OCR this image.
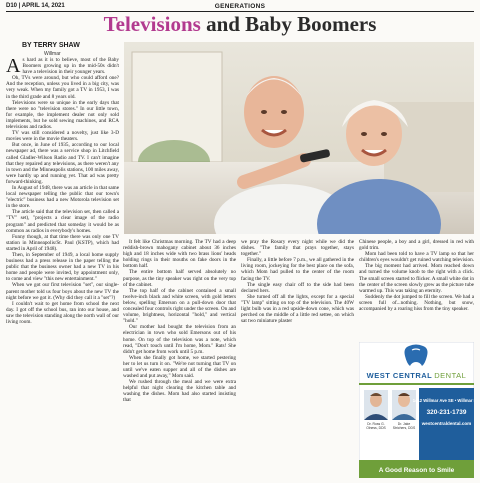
D10 | APRIL 14, 2021	GENERATIONS
Televisions and Baby Boomers
BY TERRY SHAW
Willmar

As hard as it is to believe, most of the Baby Boomers growing up in the mid-50s didn't have a television in their younger years.

Oh, TVs were around, but who could afford one? And the reception, unless you lived in a big city, was very weak. When my family got a TV in 1953, I was in the third grade and 8 years old.

Televisions were so unique in the early days that there were no "television stores." In our little town, for example, the implement dealer not only sold implements, but he sold sewing machines, and RCA televisions and radios.

TV was still considered a novelty, just like 3-D movies were in the movie theaters.

But once, in June of 1935, according to our local newspaper ad, there was a service shop in Litchfield called Gladler-Wilson Radio and TV. I can't imagine that they repaired any televisions, as there weren't any in town and the Minneapolis stations, 100 miles away, were hardly up and running yet. That ad was pretty forward-thinking.

In August of 1948, there was an article in that same local newspaper telling the public that our town's "electric" business had a new Motorola television set in the store.

The article said that the television set, then called a "TV" set), "projects a clear image of the radio program" and predicted that someday it would be as common as radios in everybody's homes.

Funny though, at that time there was only one TV station in Minneapolis/St. Paul (KSTP), which had started in April of 1948).

Then, in September of 1949, a local home supply business had a press release in the paper telling the public that the business owner had a new TV in his home and people were invited, by appointment only, to come and view "this new entertainment."

When we got our first television "set", our single-parent mother told us four boys about the new TV the night before we got it. (Why did they call it a "set"?)

I couldn't wait to get home from school the next day. I got off the school bus, ran into our house, and saw the television standing along the north wall of our living room.

It felt like Christmas morning. The TV had a deep reddish-brown mahogany cabinet about 36 inches high and 18 inches wide with two brass lions' heads holding rings in their mouths on fake doors in the bottom half.

The entire bottom half served absolutely no purpose, as the tiny speaker was right on the very top of the cabinet.

The top half of the cabinet contained a small twelve-inch black and white screen, with gold letters below, spelling Emerson on a pull-down door that concealed four controls right under the screen. On and volume, brightness, horizontal "hold," and vertical "hold."

Our mother had bought the television from an electrician in town who sold Emersons out of his home. On top of the television was a note, which read, "Don't touch until I'm home, Mom." Rats! She didn't get home from work until 5 p.m.

When she finally got home, we started pestering her to let us turn it on. "We're not turning that TV on until we've eaten supper and all of the dishes are washed and put away," Mom said.

We rushed through the meal and we were extra helpful that night clearing the kitchen table and washing the dishes. Mom had also started insisting that

we pray the Rosary every night while we did the dishes. "The family that prays together, stays together."

Finally, a little before 7 p.m., we all gathered in the living room, jockeying for the best place on the sofa, which Mom had pulled to the center of the room facing the TV.

The single easy chair off to the side had been declared hers.

She turned off all the lights, except for a special "TV lamp" sitting on top of the television. The 40W light bulb was in a red upside-down cone, which was perched on the middle of a little red settee, on which sat two miniature plaster

Chinese people, a boy and a girl, dressed in red with gold trim.

Mom had been told to have a TV lamp so that her children's eyes wouldn't get ruined watching television.

The big moment had arrived. Mom reached down and turned the volume knob to the right with a click. The small screen started to flicker. A small white dot in the center of the screen slowly grew as the picture tube warmed up. This was taking an eternity.

Suddenly the dot jumped to fill the screen. We had a screen full of...nothing. Nothing, but snow, accompanied by a roaring hiss from the tiny speaker.

WEST CENTRAL DENTAL
Dr. Ross G.
Olness, DDS
Dr. Jake
Strichers, DDS
1412 Willmar Ave SE • Willmar MN
320-231-1739
westcentraldental.com
A Good Reason to Smile
